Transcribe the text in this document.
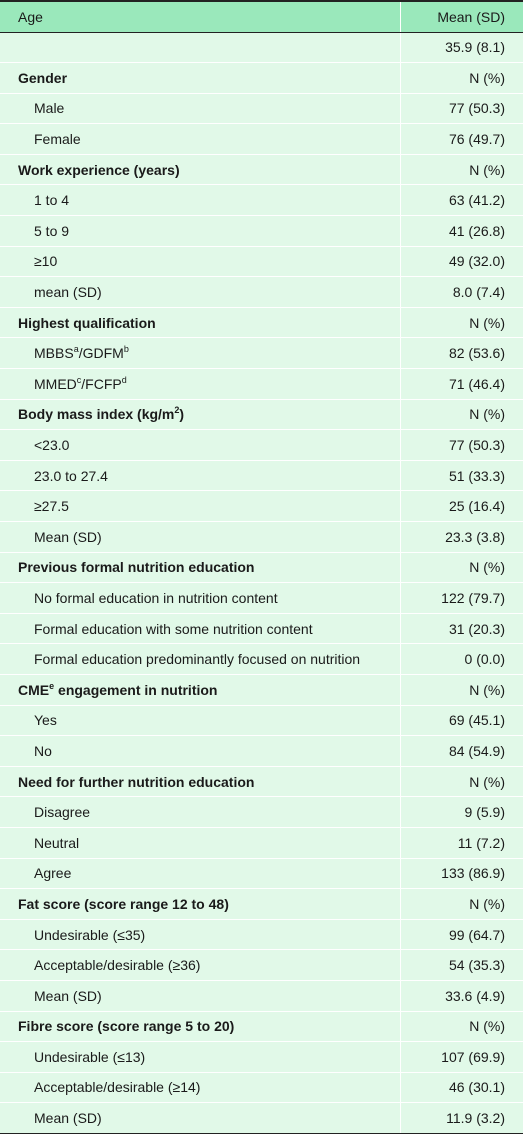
Age	Mean (SD)
	35.9 (8.1)
Gender	N (%)
Male	77 (50.3)
Female	76 (49.7)
Work experience (years)	N (%)
1 to 4	63 (41.2)
5 to 9	41 (26.8)
≥10	49 (32.0)
mean (SD)	8.0 (7.4)
Highest qualification	N (%)
MBBS$^a$/GDFM$^b$	82 (53.6)
MMED$^c$/FCFP$^d$	71 (46.4)
Body mass index $(kg/m^2)$	N (%)
<23.0	77 (50.3)
23.0 to 27.4	51 (33.3)
≥27.5	25 (16.4)
Mean (SD)	23.3 (3.8)
Previous formal nutrition education	N (%)
No formal education in nutrition content	122 (79.7)
Formal education with some nutrition content	31 (20.3)
Formal education predominantly focused on nutrition	0 (0.0)
CME$^e$ engagement in nutrition	N (%)
Yes	69 (45.1)
No	84 (54.9)
Need for further nutrition education	N (%)
Disagree	9 (5.9)
Neutral	11 (7.2)
Agree	133 (86.9)
Fat score (score range 12 to 48)	N (%)
Undesirable (≤35)	99 (64.7)
Acceptable/desirable (≥36)	54 (35.3)
Mean (SD)	33.6 (4.9)
Fibre score (score range 5 to 20)	N (%)
Undesirable (≤13)	107 (69.9)
Acceptable/desirable (≥14)	46 (30.1)
Mean (SD)	11.9 (3.2)
